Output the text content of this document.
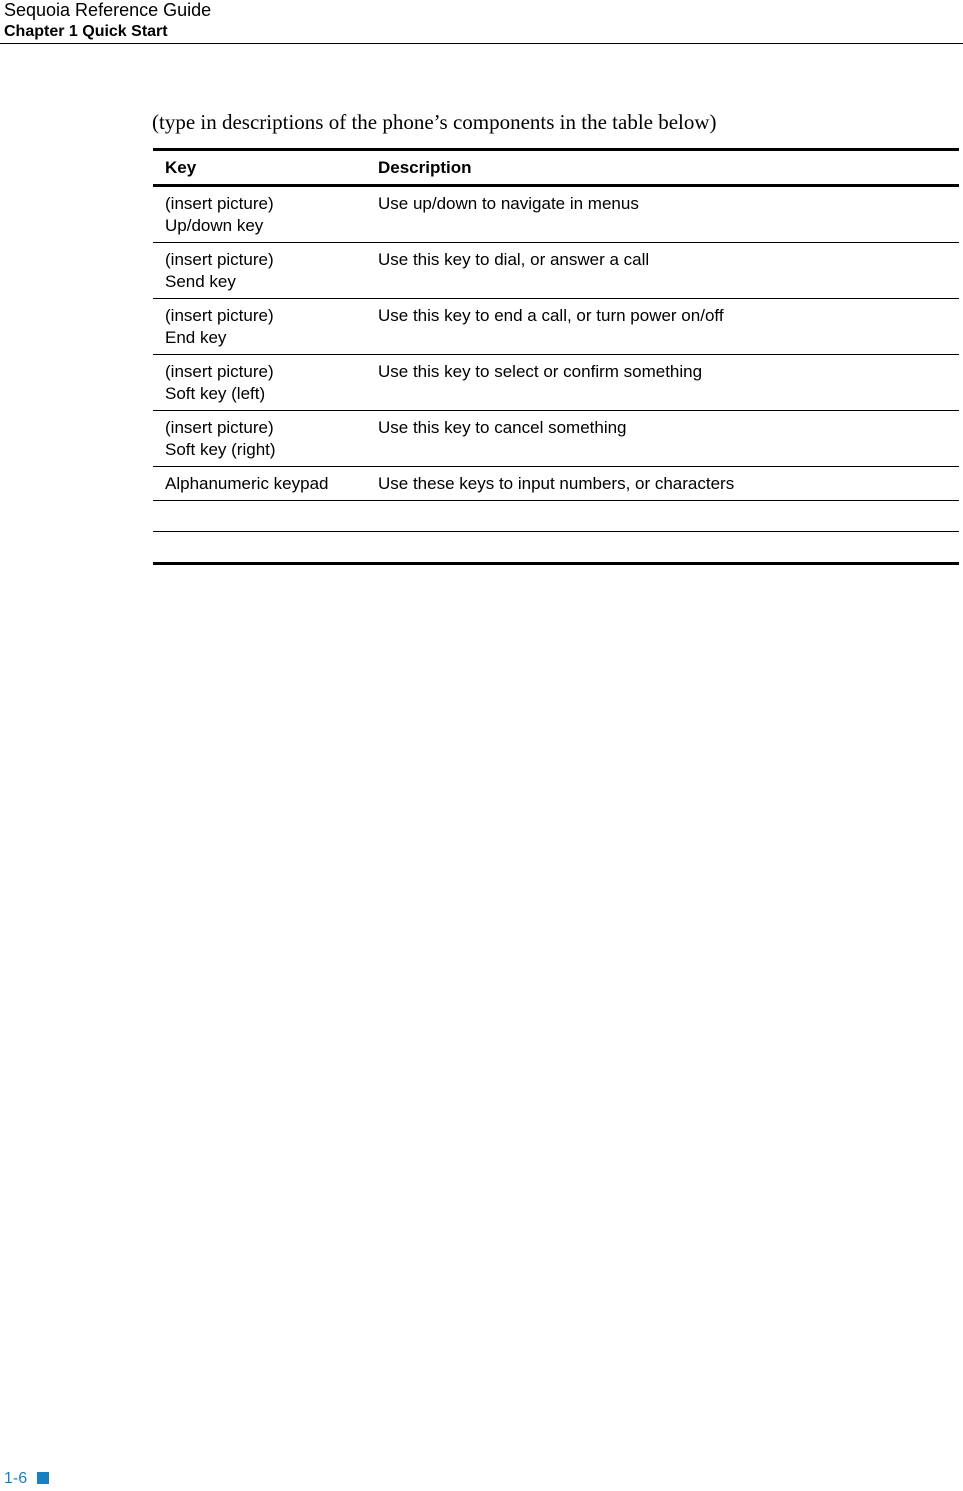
Sequoia Reference Guide
Chapter 1 Quick Start
(type in descriptions of the phone’s components in the table below)
Key	Description

(insert picture)
Up/down key	Use up/down to navigate in menus

(insert picture)
Send key	Use this key to dial, or answer a call

(insert picture)
End key	Use this key to end a call, or turn power on/off

(insert picture)
Soft key (left)	Use this key to select or confirm something

(insert picture)
Soft key (right)	Use this key to cancel something

Alphanumeric keypad	Use these keys to input numbers, or characters

1-6
